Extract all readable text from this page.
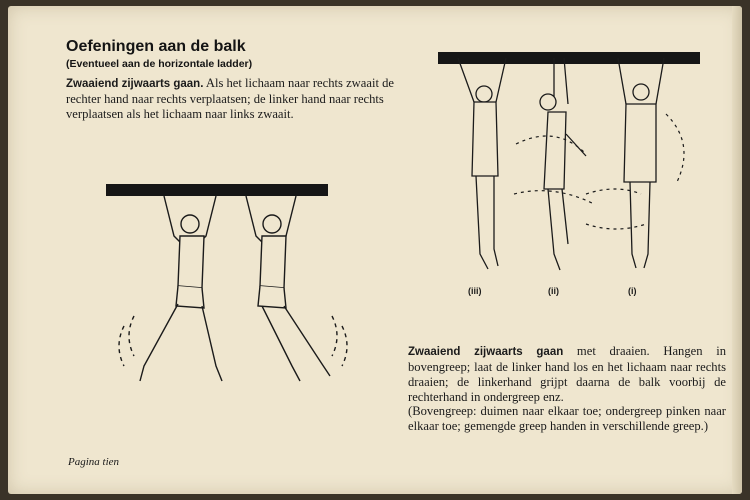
Oefeningen aan de balk
(Eventueel aan de horizontale ladder)

Zwaaiend zijwaarts gaan. Als het lichaam naar rechts zwaait de rechter hand naar rechts verplaatsen; de linker hand naar rechts verplaatsen als het lichaam naar links zwaait.

(iii)	(ii)	(i)

Zwaaiend zijwaarts gaan met draaien. Hangen in bovengreep; laat de linker hand los en het lichaam naar rechts draaien; de linkerhand grijpt daarna de balk voorbij de rechterhand in ondergreep enz.

(Bovengreep: duimen naar elkaar toe; ondergreep pinken naar elkaar toe; gemengde greep handen in verschillende greep.)

Pagina tien
